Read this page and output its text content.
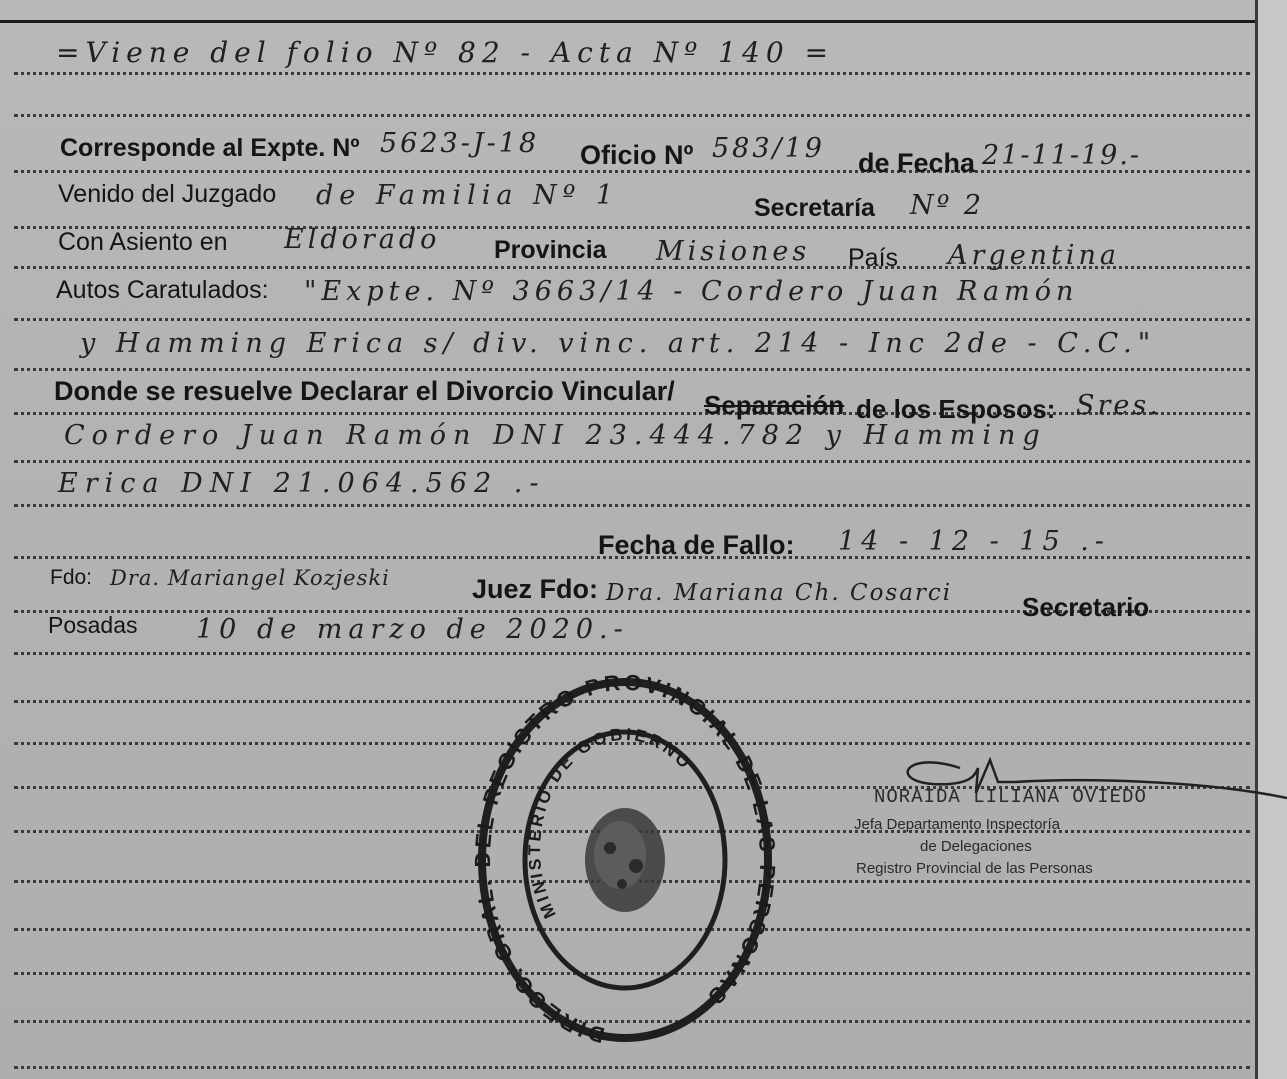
=Viene del folio Nº 82 - Acta Nº 140 =
Corresponde al Expte. Nº 5623-J-18 Oficio Nº 583/19 de Fecha 21-11-19.-
Venido del Juzgado de Familia Nº 1	Secretaría Nº 2
Con Asiento en Eldorado Provincia Misiones País Argentina
Autos Caratulados: "Expte. Nº 3663/14 - Cordero Juan Ramón
y Hamming Erica s/ div. vinc. art. 214 - Inc 2de - C.C."
Donde se resuelve Declarar el Divorcio Vincular/ Separación de los Esposos: Sres.
Cordero Juan Ramón DNI 23.444.782 y Hamming
Erica DNI 21.064.562 .-
Fecha de Fallo: 14 - 12 - 15 .-
Fdo: Dra. Mariangel Kozjeski	Juez Fdo: Dra. Mariana Ch. Cosarci	Secretario
Posadas 10 de marzo de 2020.-
DIRECC. GRAL. DEL REGISTRO PROVINCIAL DE LAS PERSONAS
MINISTERIO DE GOBIERNO
NORAIDA LILIANA OVIEDO
Jefa Departamento Inspectoría
de Delegaciones
Registro Provincial de las Personas
